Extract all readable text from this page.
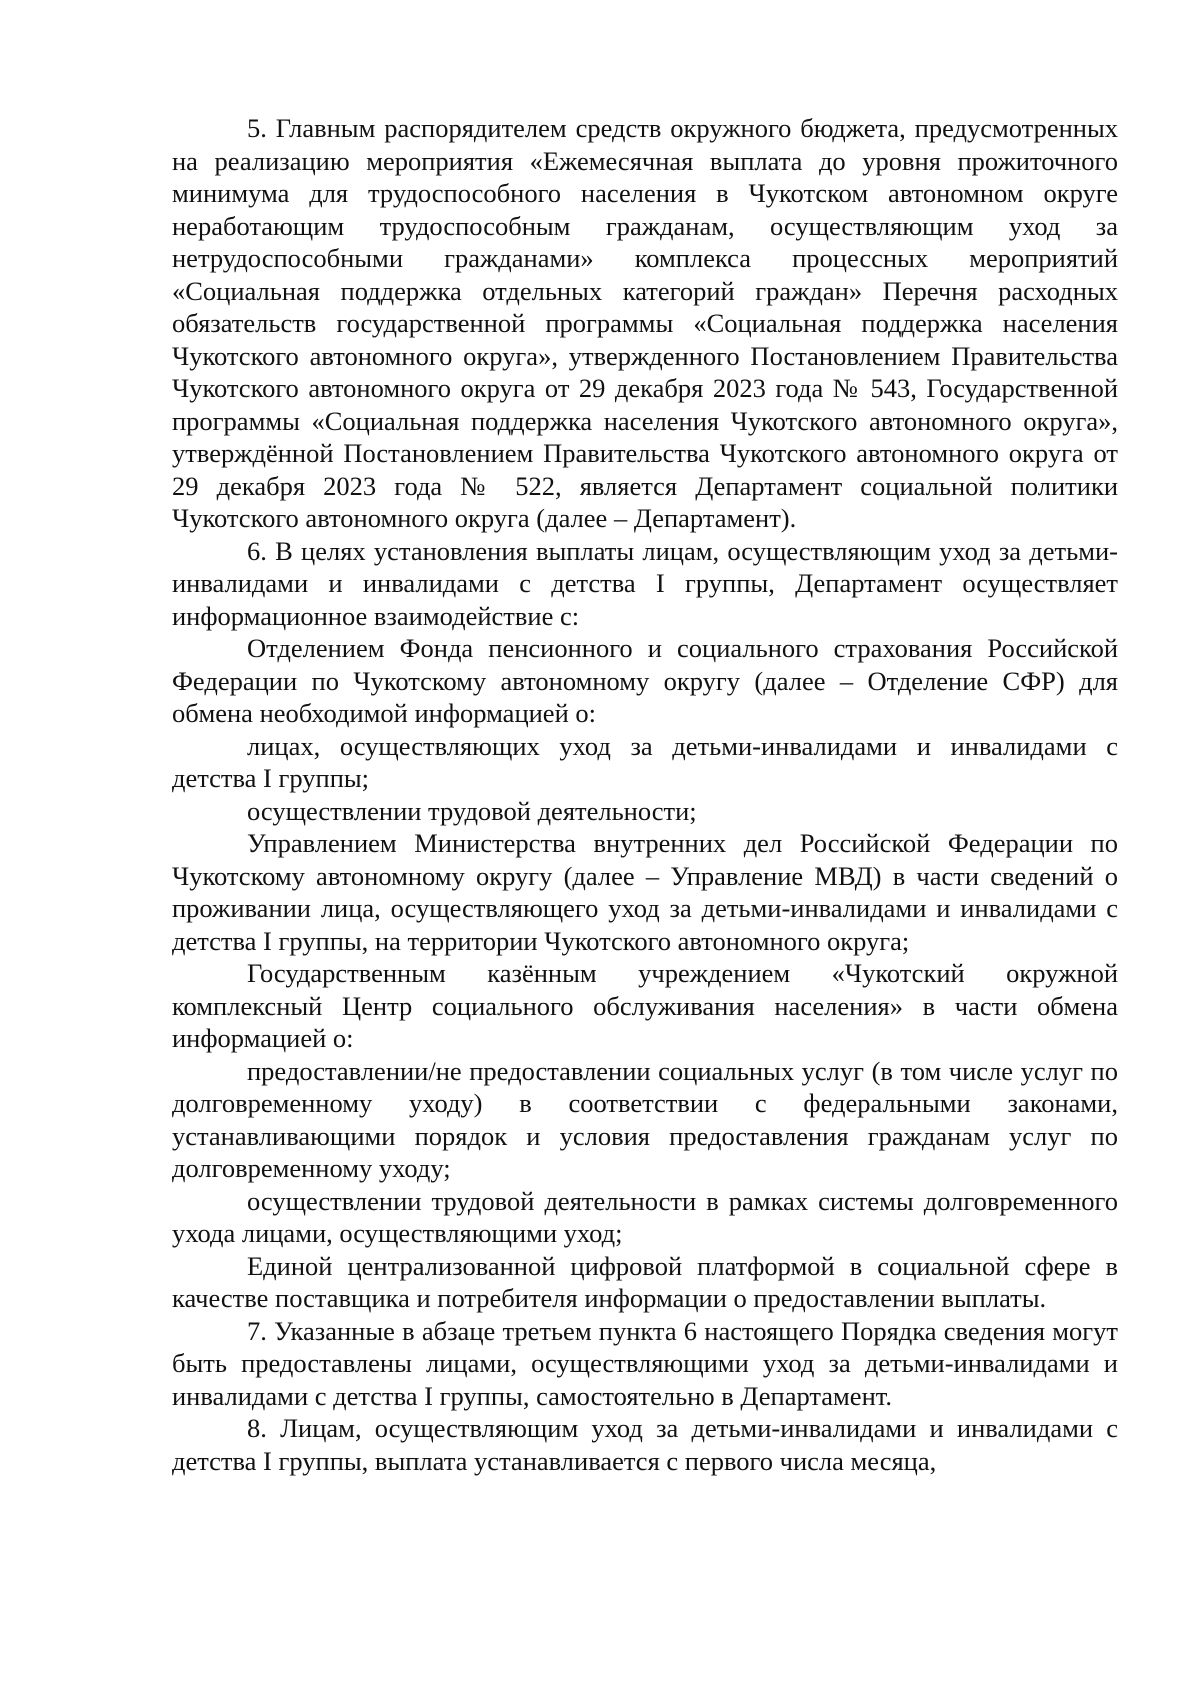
5. Главным распорядителем средств окружного бюджета, предусмотренных на реализацию мероприятия «Ежемесячная выплата до уровня прожиточного минимума для трудоспособного населения в Чукотском автономном округе неработающим трудоспособным гражданам, осуществляющим уход за нетрудоспособными гражданами» комплекса процессных мероприятий «Социальная поддержка отдельных категорий граждан» Перечня расходных обязательств государственной программы «Социальная поддержка населения Чукотского автономного округа», утвержденного Постановлением Правительства Чукотского автономного округа от 29 декабря 2023 года № 543, Государственной программы «Социальная поддержка населения Чукотского автономного округа», утверждённой Постановлением Правительства Чукотского автономного округа от 29 декабря 2023 года № 522, является Департамент социальной политики Чукотского автономного округа (далее – Департамент).

6. В целях установления выплаты лицам, осуществляющим уход за детьми-инвалидами и инвалидами с детства I группы, Департамент осуществляет информационное взаимодействие с:

Отделением Фонда пенсионного и социального страхования Российской Федерации по Чукотскому автономному округу (далее – Отделение СФР) для обмена необходимой информацией о:

лицах, осуществляющих уход за детьми-инвалидами и инвалидами с детства I группы;

осуществлении трудовой деятельности;

Управлением Министерства внутренних дел Российской Федерации по Чукотскому автономному округу (далее – Управление МВД) в части сведений о проживании лица, осуществляющего уход за детьми-инвалидами и инвалидами с детства I группы, на территории Чукотского автономного округа;

Государственным казённым учреждением «Чукотский окружной комплексный Центр социального обслуживания населения» в части обмена информацией о:

предоставлении/не предоставлении социальных услуг (в том числе услуг по долговременному уходу) в соответствии с федеральными законами, устанавливающими порядок и условия предоставления гражданам услуг по долговременному уходу;

осуществлении трудовой деятельности в рамках системы долговременного ухода лицами, осуществляющими уход;

Единой централизованной цифровой платформой в социальной сфере в качестве поставщика и потребителя информации о предоставлении выплаты.

7. Указанные в абзаце третьем пункта 6 настоящего Порядка сведения могут быть предоставлены лицами, осуществляющими уход за детьми-инвалидами и инвалидами с детства I группы, самостоятельно в Департамент.

8. Лицам, осуществляющим уход за детьми-инвалидами и инвалидами с детства I группы, выплата устанавливается с первого числа месяца,
